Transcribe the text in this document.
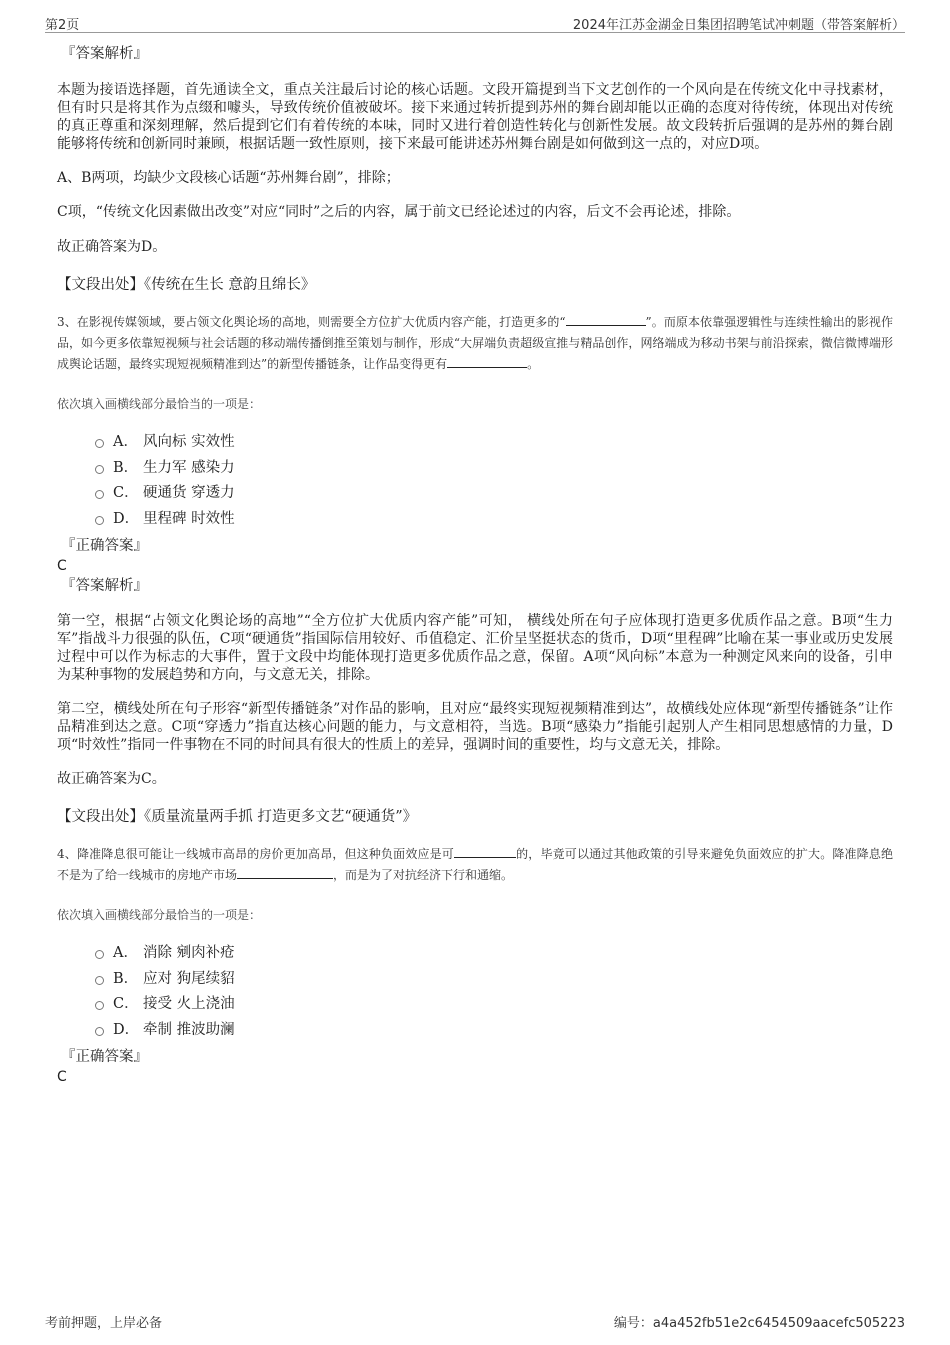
第2页	2024年江苏金湖金日集团招聘笔试冲刺题（带答案解析）
『答案解析』
本题为接语选择题，首先通读全文，重点关注最后讨论的核心话题。文段开篇提到当下文艺创作的一个风向是在传统文化中寻找素材，但有时只是将其作为点缀和噱头，导致传统价值被破坏。接下来通过转折提到苏州的舞台剧却能以正确的态度对待传统，体现出对传统的真正尊重和深刻理解，然后提到它们有着传统的本味，同时又进行着创造性转化与创新性发展。故文段转折后强调的是苏州的舞台剧能够将传统和创新同时兼顾，根据话题一致性原则，接下来最可能讲述苏州舞台剧是如何做到这一点的，对应D项。
A、B两项，均缺少文段核心话题“苏州舞台剧”，排除；
C项，“传统文化因素做出改变”对应“同时”之后的内容，属于前文已经论述过的内容，后文不会再论述，排除。
故正确答案为D。
【文段出处】《传统在生长 意韵且绵长》
3、在影视传媒领域，要占领文化舆论场的高地，则需要全方位扩大优质内容产能，打造更多的“	”。而原本依靠强逻辑性与连续性输出的影视作品，如今更多依靠短视频与社会话题的移动端传播倒推至策划与制作，形成“大屏端负责超级宣推与精品创作，网络端成为移动书架与前沿探索，微信微博端形成舆论话题，最终实现短视频精准到达”的新型传播链条，让作品变得更有	。
依次填入画横线部分最恰当的一项是：
A． 风向标 实效性
B． 生力军 感染力
C． 硬通货 穿透力
D． 里程碑 时效性
『正确答案』
C
『答案解析』
第一空，根据“占领文化舆论场的高地”“全方位扩大优质内容产能”可知， 横线处所在句子应体现打造更多优质作品之意。B项“生力军”指战斗力很强的队伍，C项“硬通货”指国际信用较好、币值稳定、汇价呈坚挺状态的货币，D项“里程碑”比喻在某一事业或历史发展过程中可以作为标志的大事件，置于文段中均能体现打造更多优质作品之意，保留。A项“风向标”本意为一种测定风来向的设备，引申为某种事物的发展趋势和方向，与文意无关，排除。
第二空，横线处所在句子形容“新型传播链条”对作品的影响，且对应“最终实现短视频精准到达”，故横线处应体现“新型传播链条”让作品精准到达之意。C项“穿透力”指直达核心问题的能力，与文意相符，当选。B项“感染力”指能引起别人产生相同思想感情的力量，D项“时效性”指同一件事物在不同的时间具有很大的性质上的差异，强调时间的重要性，均与文意无关，排除。
故正确答案为C。
【文段出处】《质量流量两手抓 打造更多文艺“硬通货”》
4、降准降息很可能让一线城市高昂的房价更加高昂，但这种负面效应是可	的，毕竟可以通过其他政策的引导来避免负面效应的扩大。降准降息绝不是为了给一线城市的房地产市场	，而是为了对抗经济下行和通缩。
依次填入画横线部分最恰当的一项是：
A． 消除 剜肉补疮
B． 应对 狗尾续貂
C． 接受 火上浇油
D． 牵制 推波助澜
『正确答案』
C
考前押题，上岸必备	编号：a4a452fb51e2c6454509aacefc505223
